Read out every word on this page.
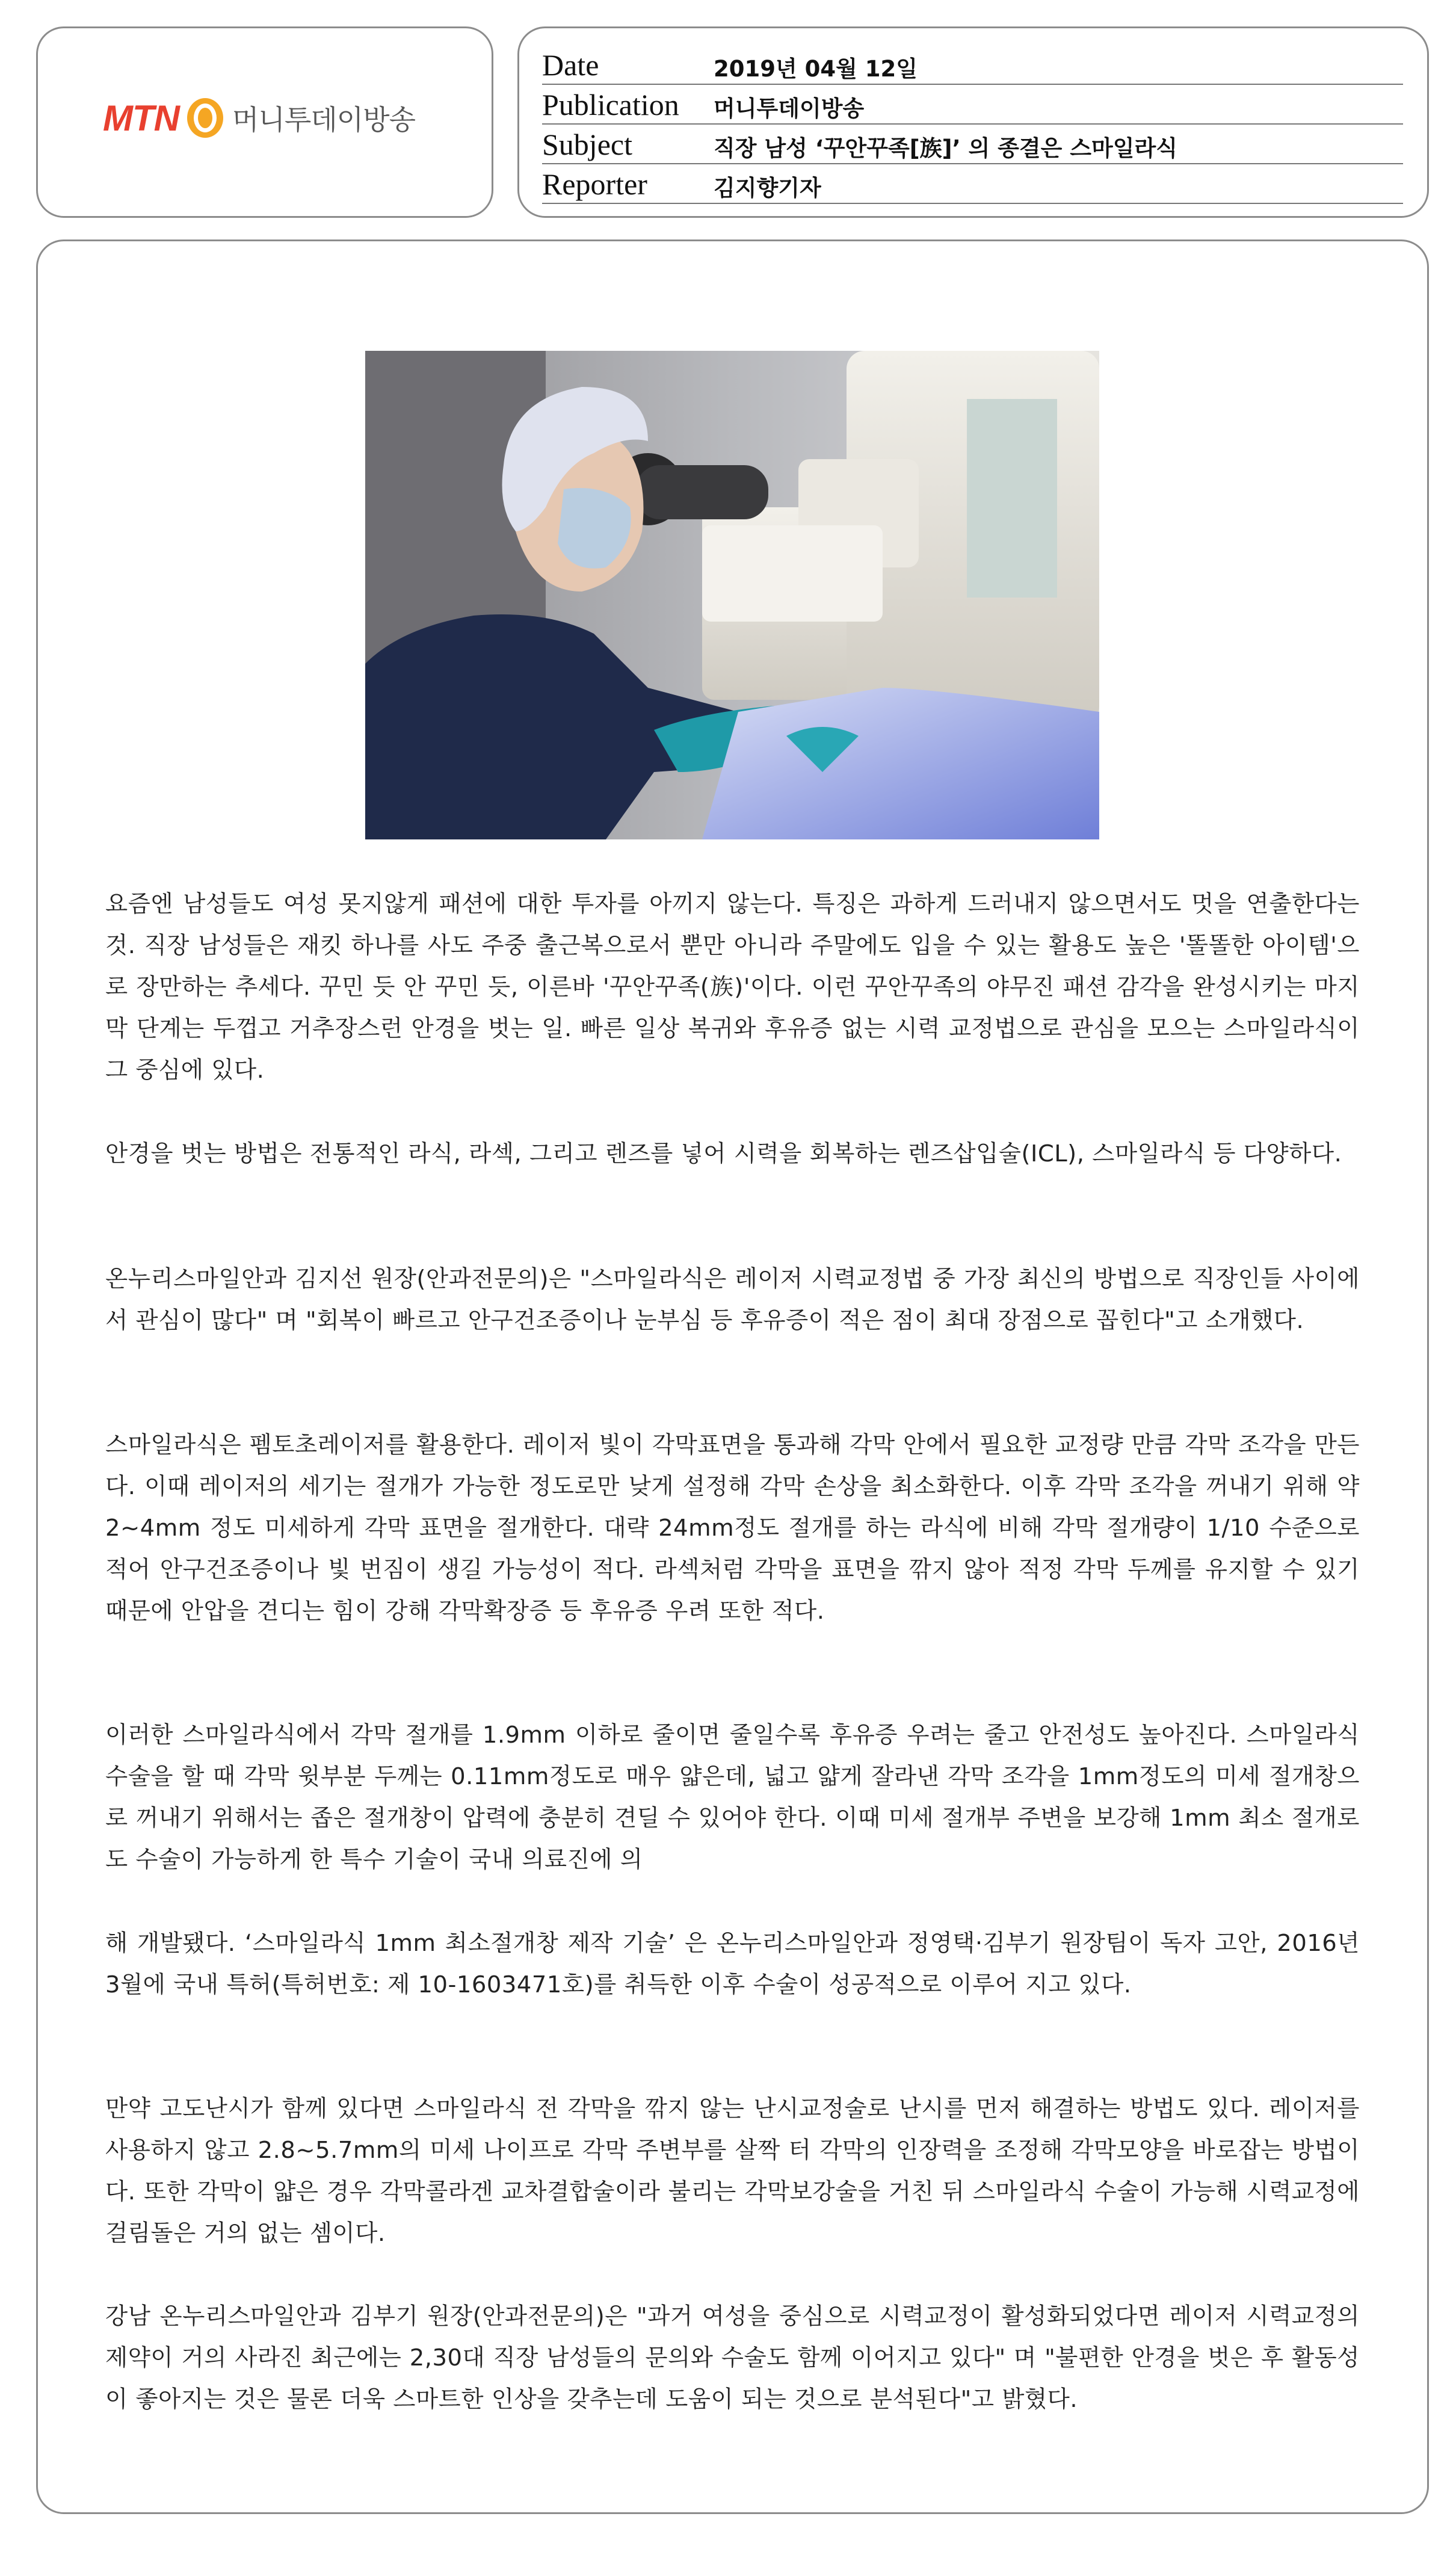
MTN 머니투데이방송
Date	2019년 04월 12일
Publication	머니투데이방송
Subject	직장 남성 ‘꾸안꾸족[族]’ 의 종결은 스마일라식
Reporter	김지향기자

요즘엔 남성들도 여성 못지않게 패션에 대한 투자를 아끼지 않는다. 특징은 과하게 드러내지 않으면서도 멋을 연출한다는 것. 직장 남성들은 재킷 하나를 사도 주중 출근복으로서 뿐만 아니라 주말에도 입을 수 있는 활용도 높은 '똘똘한 아이템'으로 장만하는 추세다. 꾸민 듯 안 꾸민 듯, 이른바 '꾸안꾸족(族)'이다. 이런 꾸안꾸족의 야무진 패션 감각을 완성시키는 마지막 단계는 두껍고 거추장스런 안경을 벗는 일. 빠른 일상 복귀와 후유증 없는 시력 교정법으로 관심을 모으는 스마일라식이 그 중심에 있다.

안경을 벗는 방법은 전통적인 라식, 라섹, 그리고 렌즈를 넣어 시력을 회복하는 렌즈삽입술(ICL), 스마일라식 등 다양하다.

온누리스마일안과 김지선 원장(안과전문의)은 "스마일라식은 레이저 시력교정법 중 가장 최신의 방법으로 직장인들 사이에서 관심이 많다" 며 "회복이 빠르고 안구건조증이나 눈부심 등 후유증이 적은 점이 최대 장점으로 꼽힌다"고 소개했다.

스마일라식은 펨토초레이저를 활용한다. 레이저 빛이 각막표면을 통과해 각막 안에서 필요한 교정량 만큼 각막 조각을 만든다. 이때 레이저의 세기는 절개가 가능한 정도로만 낮게 설정해 각막 손상을 최소화한다. 이후 각막 조각을 꺼내기 위해 약 2~4mm 정도 미세하게 각막 표면을 절개한다. 대략 24mm정도 절개를 하는 라식에 비해 각막 절개량이 1/10 수준으로 적어 안구건조증이나 빛 번짐이 생길 가능성이 적다. 라섹처럼 각막을 표면을 깎지 않아 적정 각막 두께를 유지할 수 있기 때문에 안압을 견디는 힘이 강해 각막확장증 등 후유증 우려 또한 적다.

이러한 스마일라식에서 각막 절개를 1.9mm 이하로 줄이면 줄일수록 후유증 우려는 줄고 안전성도 높아진다. 스마일라식 수술을 할 때 각막 윗부분 두께는 0.11mm정도로 매우 얇은데, 넓고 얇게 잘라낸 각막 조각을 1mm정도의 미세 절개창으로 꺼내기 위해서는 좁은 절개창이 압력에 충분히 견딜 수 있어야 한다. 이때 미세 절개부 주변을 보강해 1mm 최소 절개로도 수술이 가능하게 한 특수 기술이 국내 의료진에 의

해 개발됐다. ‘스마일라식 1mm 최소절개창 제작 기술’ 은 온누리스마일안과 정영택·김부기 원장팀이 독자 고안, 2016년 3월에 국내 특허(특허번호: 제 10-1603471호)를 취득한 이후 수술이 성공적으로 이루어 지고 있다.

만약 고도난시가 함께 있다면 스마일라식 전 각막을 깎지 않는 난시교정술로 난시를 먼저 해결하는 방법도 있다. 레이저를 사용하지 않고 2.8~5.7mm의 미세 나이프로 각막 주변부를 살짝 터 각막의 인장력을 조정해 각막모양을 바로잡는 방법이다. 또한 각막이 얇은 경우 각막콜라겐 교차결합술이라 불리는 각막보강술을 거친 뒤 스마일라식 수술이 가능해 시력교정에 걸림돌은 거의 없는 셈이다.

강남 온누리스마일안과 김부기 원장(안과전문의)은 "과거 여성을 중심으로 시력교정이 활성화되었다면 레이저 시력교정의 제약이 거의 사라진 최근에는 2,30대 직장 남성들의 문의와 수술도 함께 이어지고 있다" 며 "불편한 안경을 벗은 후 활동성이 좋아지는 것은 물론 더욱 스마트한 인상을 갖추는데 도움이 되는 것으로 분석된다"고 밝혔다.
